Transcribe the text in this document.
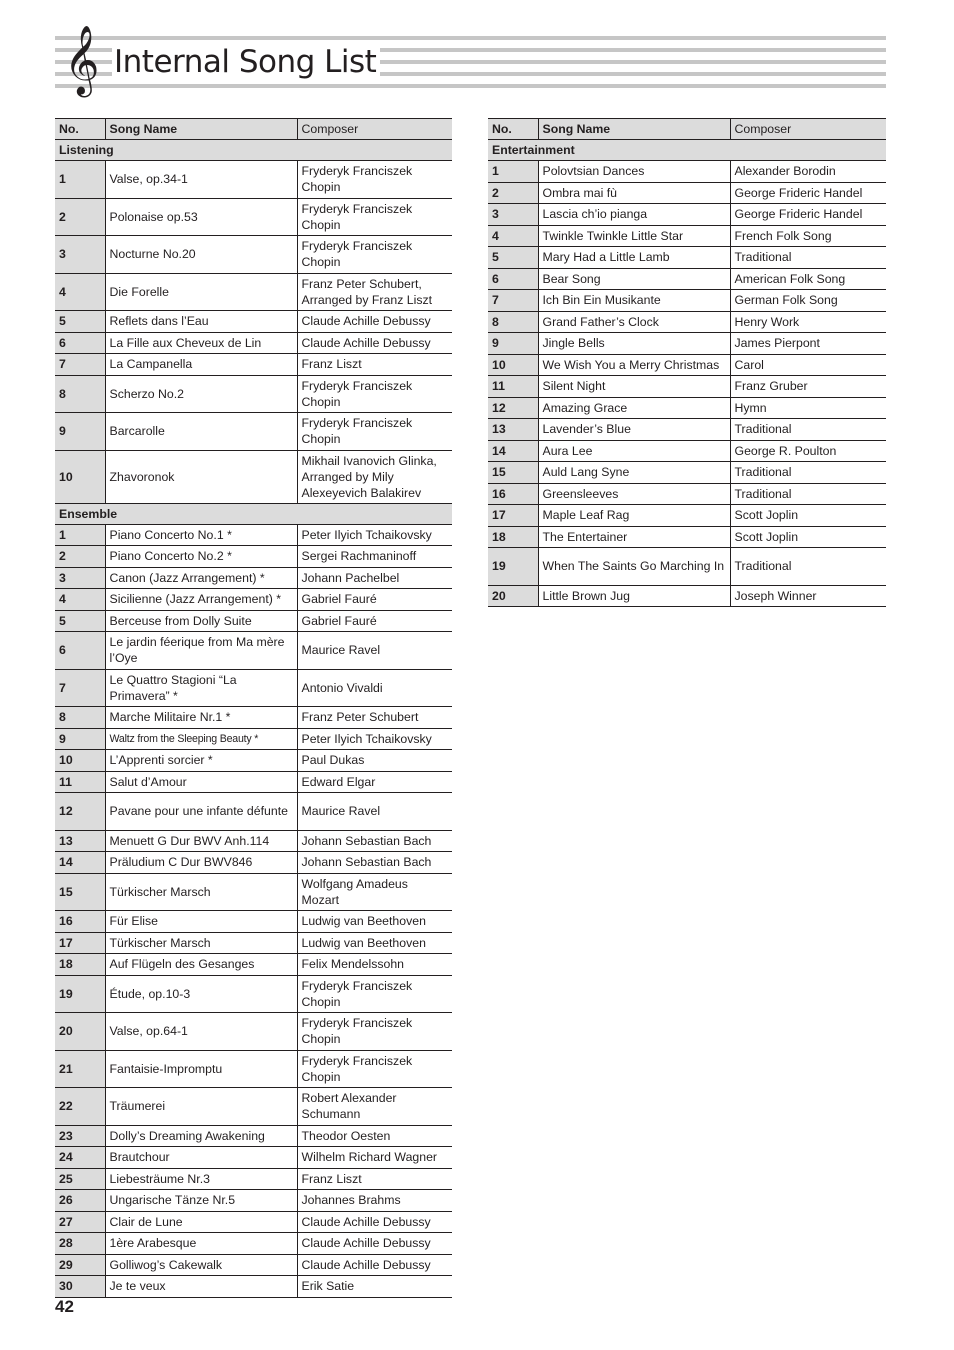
𝄞 Internal Song List
No.	Song Name	Composer
Listening		
1	Valse, op.34-1	Fryderyk Franciszek Chopin
2	Polonaise op.53	Fryderyk Franciszek Chopin
3	Nocturne No.20	Fryderyk Franciszek Chopin
4	Die Forelle	Franz Peter Schubert, Arranged by Franz Liszt
5	Reflets dans l’Eau	Claude Achille Debussy
6	La Fille aux Cheveux de Lin	Claude Achille Debussy
7	La Campanella	Franz Liszt
8	Scherzo No.2	Fryderyk Franciszek Chopin
9	Barcarolle	Fryderyk Franciszek Chopin
10	Zhavoronok	Mikhail Ivanovich Glinka, Arranged by Mily Alexeyevich Balakirev
Ensemble		
1	Piano Concerto No.1 *	Peter Ilyich Tchaikovsky
2	Piano Concerto No.2 *	Sergei Rachmaninoff
3	Canon (Jazz Arrangement) *	Johann Pachelbel
4	Sicilienne (Jazz Arrangement) *	Gabriel Fauré
5	Berceuse from Dolly Suite	Gabriel Fauré
6	Le jardin féerique from Ma mère l’Oye	Maurice Ravel
7	Le Quattro Stagioni “La Primavera” *	Antonio Vivaldi
8	Marche Militaire Nr.1 *	Franz Peter Schubert
9	Waltz from the Sleeping Beauty *	Peter Ilyich Tchaikovsky
10	L’Apprenti sorcier *	Paul Dukas
11	Salut d’Amour	Edward Elgar
12	Pavane pour une infante défunte	Maurice Ravel
13	Menuett G Dur BWV Anh.114	Johann Sebastian Bach
14	Präludium C Dur BWV846	Johann Sebastian Bach
15	Türkischer Marsch	Wolfgang Amadeus Mozart
16	Für Elise	Ludwig van Beethoven
17	Türkischer Marsch	Ludwig van Beethoven
18	Auf Flügeln des Gesanges	Felix Mendelssohn
19	Étude, op.10-3	Fryderyk Franciszek Chopin
20	Valse, op.64-1	Fryderyk Franciszek Chopin
21	Fantaisie-Impromptu	Fryderyk Franciszek Chopin
22	Träumerei	Robert Alexander Schumann
23	Dolly’s Dreaming Awakening	Theodor Oesten
24	Brautchour	Wilhelm Richard Wagner
25	Liebesträume Nr.3	Franz Liszt
26	Ungarische Tänze Nr.5	Johannes Brahms
27	Clair de Lune	Claude Achille Debussy
28	1ère Arabesque	Claude Achille Debussy
29	Golliwog’s Cakewalk	Claude Achille Debussy
30	Je te veux	Erik Satie
No.	Song Name	Composer
Entertainment		
1	Polovtsian Dances	Alexander Borodin
2	Ombra mai fù	George Frideric Handel
3	Lascia ch’io pianga	George Frideric Handel
4	Twinkle Twinkle Little Star	French Folk Song
5	Mary Had a Little Lamb	Traditional
6	Bear Song	American Folk Song
7	Ich Bin Ein Musikante	German Folk Song
8	Grand Father’s Clock	Henry Work
9	Jingle Bells	James Pierpont
10	We Wish You a Merry Christmas	Carol
11	Silent Night	Franz Gruber
12	Amazing Grace	Hymn
13	Lavender’s Blue	Traditional
14	Aura Lee	George R. Poulton
15	Auld Lang Syne	Traditional
16	Greensleeves	Traditional
17	Maple Leaf Rag	Scott Joplin
18	The Entertainer	Scott Joplin
19	When The Saints Go Marching In	Traditional
20	Little Brown Jug	Joseph Winner

42
